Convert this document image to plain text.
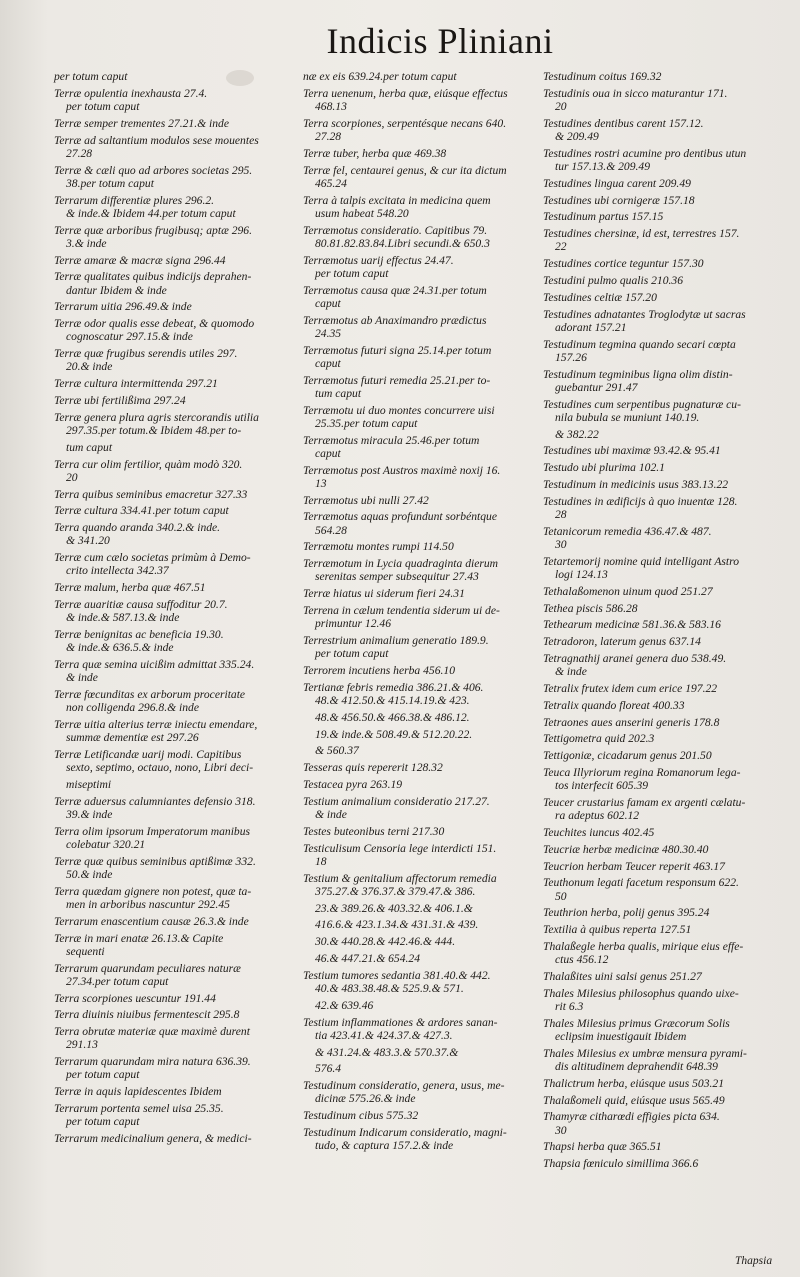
Indicis Pliniani
per totum caput
Terræ opulentia inexhausta 27.4.
per totum caput
Terræ semper trementes 27.21.& inde
Terræ ad saltantium modulos sese mouentes
27.28
Terræ & cæli quo ad arbores societas 295.
38.per totum caput
Terrarum differentiæ plures 296.2.
& inde.& Ibidem 44.per totum caput
Terræ quæ arboribus frugibusq; aptæ 296.
3.& inde
Terræ amaræ & macræ signa 296.44
Terræ qualitates quibus indicijs deprahen-
dantur Ibidem & inde
Terrarum uitia 296.49.& inde
Terræ odor qualis esse debeat, & quomodo
cognoscatur 297.15.& inde
Terræ quæ frugibus serendis utiles 297.
20.& inde
Terræ cultura intermittenda 297.21
Terræ ubi fertilißima 297.24
Terræ genera plura agris stercorandis utilia
297.35.per totum.& Ibidem 48.per to-
tum caput
Terra cur olim fertilior, quàm modò 320.
20
Terra quibus seminibus emacretur 327.33
Terræ cultura 334.41.per totum caput
Terra quando aranda 340.2.& inde.
& 341.20
Terræ cum cælo societas primùm à Demo-
crito intellecta 342.37
Terræ malum, herba quæ 467.51
Terræ auaritiæ causa suffoditur 20.7.
& inde.& 587.13.& inde
Terræ benignitas ac beneficia 19.30.
& inde.& 636.5.& inde
Terra quæ semina uicißim admittat 335.24.
& inde
Terræ fœcunditas ex arborum proceritate
non colligenda 296.8.& inde
Terræ uitia alterius terræ iniectu emendare,
summæ dementiæ est 297.26
Terræ Letificandæ uarij modi. Capitibus
sexto, septimo, octauo, nono, Libri deci-
miseptimi
Terræ aduersus calumniantes defensio 318.
39.& inde
Terra olim ipsorum Imperatorum manibus
colebatur 320.21
Terræ quæ quibus seminibus aptißimæ 332.
50.& inde
Terra quædam gignere non potest, quæ ta-
men in arboribus nascuntur 292.45
Terrarum enascentium causæ 26.3.& inde
Terræ in mari enatæ 26.13.& Capite
sequenti
Terrarum quarundam peculiares naturæ
27.34.per totum caput
Terra scorpiones uescuntur 191.44
Terra diuinis niuibus fermentescit 295.8
Terra obrutæ materiæ quæ maximè durent
291.13
Terrarum quarundam mira natura 636.39.
per totum caput
Terræ in aquis lapidescentes Ibidem
Terrarum portenta semel uisa 25.35.
per totum caput
Terrarum medicinalium genera, & medici-
næ ex eis 639.24.per totum caput
Terra uenenum, herba quæ, eiúsque effectus
468.13
Terra scorpiones, serpentésque necans 640.
27.28
Terræ tuber, herba quæ 469.38
Terræ fel, centaurei genus, & cur ita dictum
465.24
Terra à talpis excitata in medicina quem
usum habeat 548.20
Terræmotus consideratio. Capitibus 79.
80.81.82.83.84.Libri secundi.& 650.3
Terræmotus uarij effectus 24.47.
per totum caput
Terræmotus causa quæ 24.31.per totum
caput
Terræmotus ab Anaximandro prædictus
24.35
Terræmotus futuri signa 25.14.per totum
caput
Terræmotus futuri remedia 25.21.per to-
tum caput
Terræmotu ui duo montes concurrere uisi
25.35.per totum caput
Terræmotus miracula 25.46.per totum
caput
Terræmotus post Austros maximè noxij 16.
13
Terræmotus ubi nulli 27.42
Terræmotus aquas profundunt sorbéntque
564.28
Terræmotu montes rumpi 114.50
Terræmotum in Lycia quadraginta dierum
serenitas semper subsequitur 27.43
Terræ hiatus ui siderum fieri 24.31
Terrena in cælum tendentia siderum ui de-
primuntur 12.46
Terrestrium animalium generatio 189.9.
per totum caput
Terrorem incutiens herba 456.10
Tertianæ febris remedia 386.21.& 406.
48.& 412.50.& 415.14.19.& 423.
48.& 456.50.& 466.38.& 486.12.
19.& inde.& 508.49.& 512.20.22.
& 560.37
Tesseras quis repererit 128.32
Testacea pyra 263.19
Testium animalium consideratio 217.27.
& inde
Testes buteonibus terni 217.30
Testiculisum Censoria lege interdicti 151.
18
Testium & genitalium affectorum remedia
375.27.& 376.37.& 379.47.& 386.
23.& 389.26.& 403.32.& 406.1.&
416.6.& 423.1.34.& 431.31.& 439.
30.& 440.28.& 442.46.& 444.
46.& 447.21.& 654.24
Testium tumores sedantia 381.40.& 442.
40.& 483.38.48.& 525.9.& 571.
42.& 639.46
Testium inflammationes & ardores sanan-
tia 423.41.& 424.37.& 427.3.
& 431.24.& 483.3.& 570.37.&
576.4
Testudinum consideratio, genera, usus, me-
dicinæ 575.26.& inde
Testudinum cibus 575.32
Testudinum Indicarum consideratio, magni-
tudo, & captura 157.2.& inde
Testudinum coitus 169.32
Testudinis oua in sicco maturantur 171.
20
Testudines dentibus carent 157.12.
& 209.49
Testudines rostri acumine pro dentibus utun
tur 157.13.& 209.49
Testudines lingua carent 209.49
Testudines ubi cornigeræ 157.18
Testudinum partus 157.15
Testudines chersinæ, id est, terrestres 157.
22
Testudines cortice teguntur 157.30
Testudini pulmo qualis 210.36
Testudines celtiæ 157.20
Testudines adnatantes Troglodytæ ut sacras
adorant 157.21
Testudinum tegmina quando secari cœpta
157.26
Testudinum tegminibus ligna olim distin-
guebantur 291.47
Testudines cum serpentibus pugnaturæ cu-
nila bubula se muniunt 140.19.
& 382.22
Testudines ubi maximæ 93.42.& 95.41
Testudo ubi plurima 102.1
Testudinum in medicinis usus 383.13.22
Testudines in ædificijs à quo inuentæ 128.
28
Tetanicorum remedia 436.47.& 487.
30
Tetartemorij nomine quid intelligant Astro
logi 124.13
Tethalaßomenon uinum quod 251.27
Tethea piscis 586.28
Tethearum medicinæ 581.36.& 583.16
Tetradoron, laterum genus 637.14
Tetragnathij aranei genera duo 538.49.
& inde
Tetralix frutex idem cum erice 197.22
Tetralix quando floreat 400.33
Tetraones aues anserini generis 178.8
Tettigometra quid 202.3
Tettigoniæ, cicadarum genus 201.50
Teuca Illyriorum regina Romanorum lega-
tos interfecit 605.39
Teucer crustarius famam ex argenti cælatu-
ra adeptus 602.12
Teuchites iuncus 402.45
Teucriæ herbæ medicinæ 480.30.40
Teucrion herbam Teucer reperit 463.17
Teuthonum legati facetum responsum 622.
50
Teuthrion herba, polij genus 395.24
Textilia à quibus reperta 127.51
Thalaßegle herba qualis, mirique eius effe-
ctus 456.12
Thalaßites uini salsi genus 251.27
Thales Milesius philosophus quando uixe-
rit 6.3
Thales Milesius primus Græcorum Solis
eclipsim inuestigauit Ibidem
Thales Milesius ex umbræ mensura pyrami-
dis altitudinem deprahendit 648.39
Thalictrum herba, eiúsque usus 503.21
Thalaßomeli quid, eiúsque usus 565.49
Thamyræ citharœdi effigies picta 634.
30
Thapsi herba quæ 365.51
Thapsia fœniculo simillima 366.6
Thapsia
